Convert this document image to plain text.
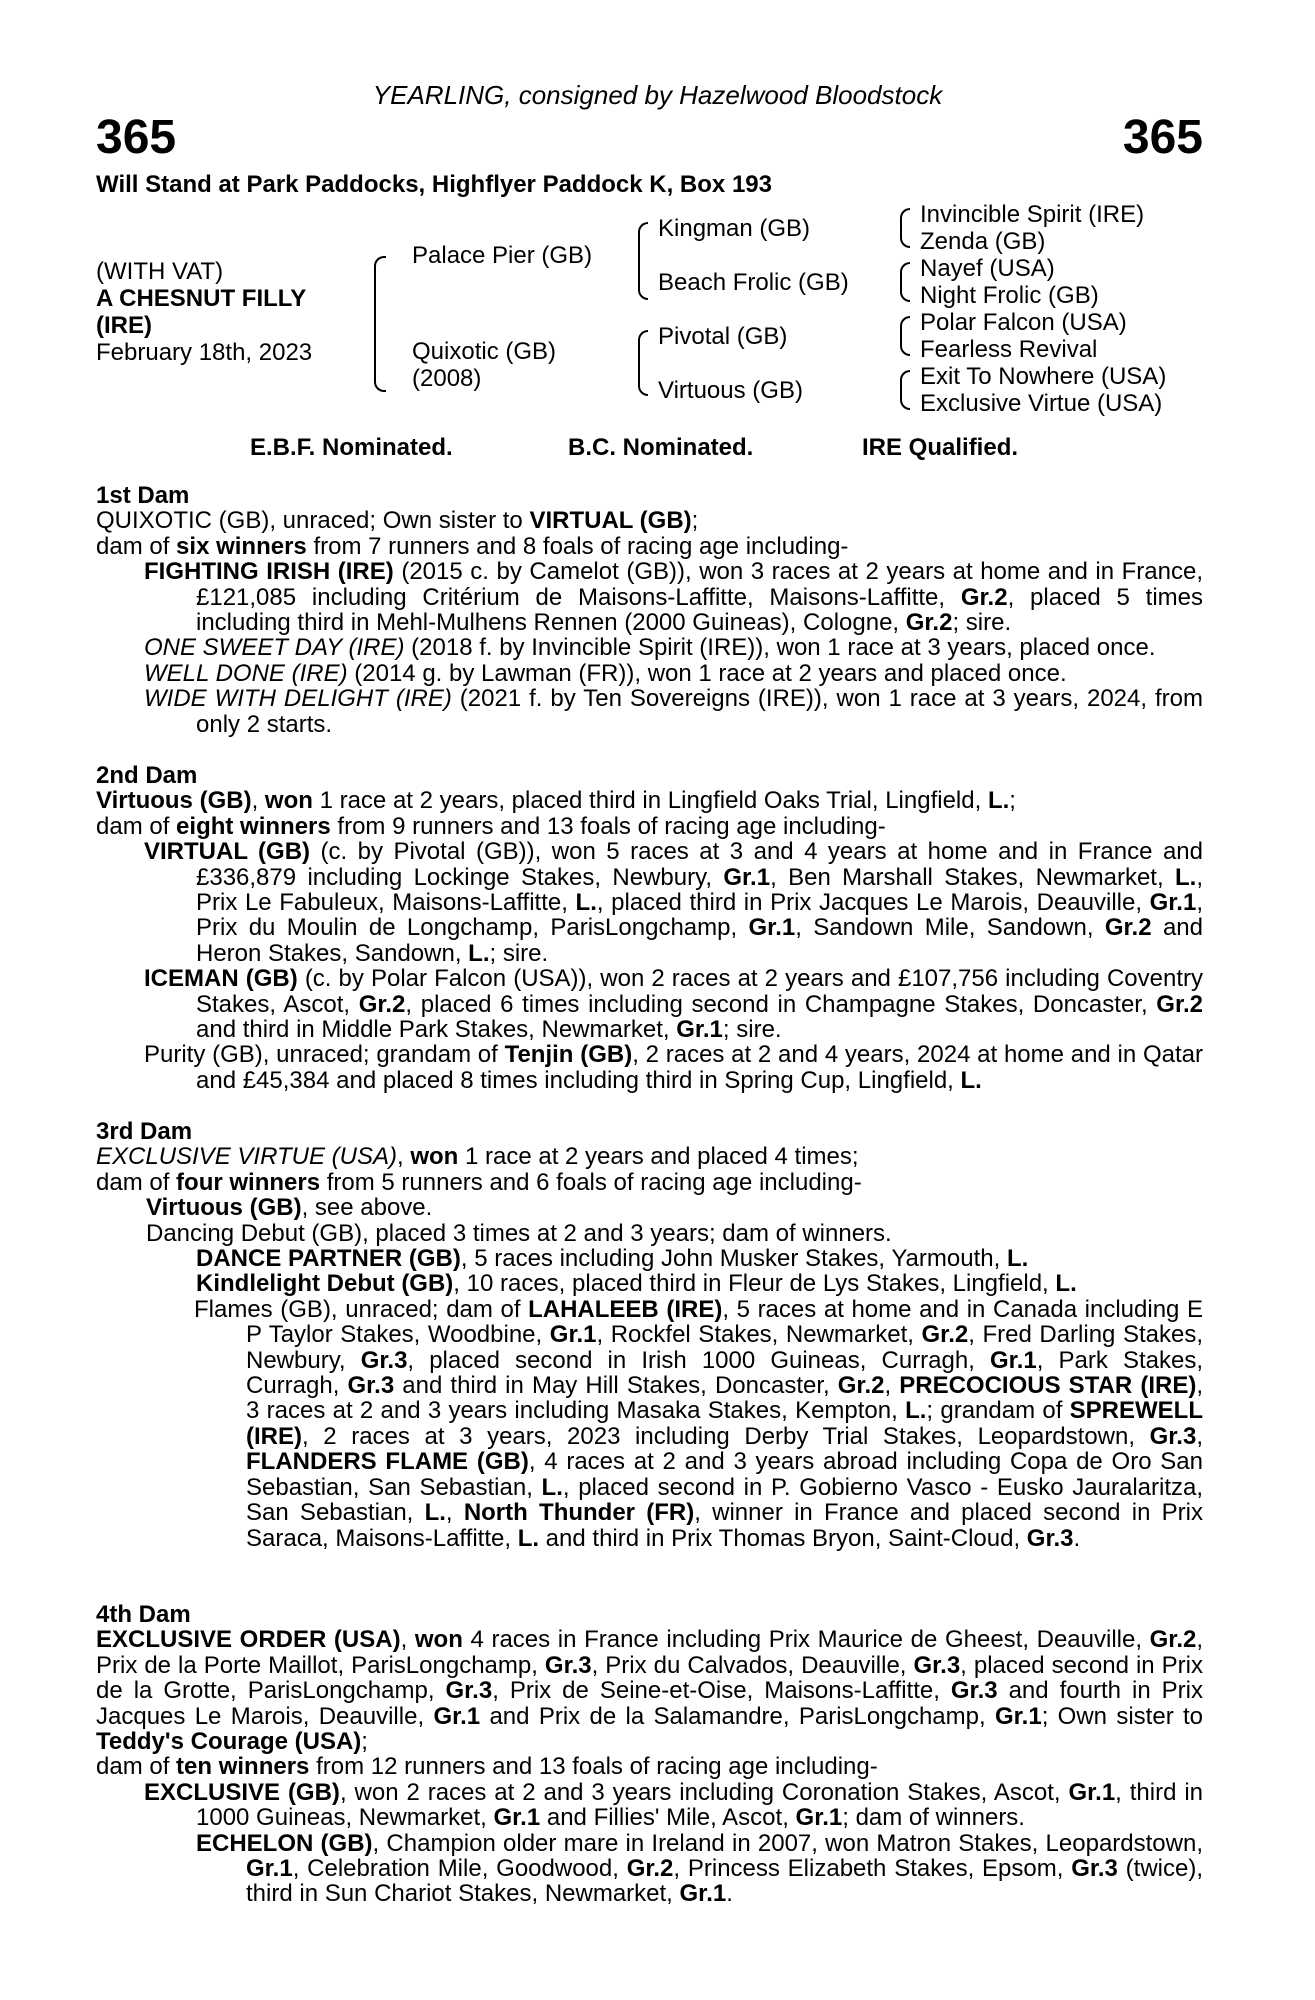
YEARLING, consigned by Hazelwood Bloodstock
365	365
Will Stand at Park Paddocks, Highflyer Paddock K, Box 193
(WITH VAT)
A CHESNUT FILLY
(IRE)
February 18th, 2023
Palace Pier (GB)
Quixotic (GB)
(2008)
Kingman (GB)
Beach Frolic (GB)
Pivotal (GB)
Virtuous (GB)
Invincible Spirit (IRE)
Zenda (GB)
Nayef (USA)
Night Frolic (GB)
Polar Falcon (USA)
Fearless Revival
Exit To Nowhere (USA)
Exclusive Virtue (USA)
E.B.F. Nominated.	B.C. Nominated.	IRE Qualified.

1st Dam

QUIXOTIC (GB), unraced; Own sister to VIRTUAL (GB);

dam of six winners from 7 runners and 8 foals of racing age including-

FIGHTING IRISH (IRE) (2015 c. by Camelot (GB)), won 3 races at 2 years at home and in France, £121,085 including Critérium de Maisons-Laffitte, Maisons-Laffitte, Gr.2, placed 5 times including third in Mehl-Mulhens Rennen (2000 Guineas), Cologne, Gr.2; sire.

ONE SWEET DAY (IRE) (2018 f. by Invincible Spirit (IRE)), won 1 race at 3 years, placed once.

WELL DONE (IRE) (2014 g. by Lawman (FR)), won 1 race at 2 years and placed once.

WIDE WITH DELIGHT (IRE) (2021 f. by Ten Sovereigns (IRE)), won 1 race at 3 years, 2024, from only 2 starts.

2nd Dam

Virtuous (GB), won 1 race at 2 years, placed third in Lingfield Oaks Trial, Lingfield, L.;

dam of eight winners from 9 runners and 13 foals of racing age including-

VIRTUAL (GB) (c. by Pivotal (GB)), won 5 races at 3 and 4 years at home and in France and £336,879 including Lockinge Stakes, Newbury, Gr.1, Ben Marshall Stakes, Newmarket, L., Prix Le Fabuleux, Maisons-Laffitte, L., placed third in Prix Jacques Le Marois, Deauville, Gr.1, Prix du Moulin de Longchamp, ParisLongchamp, Gr.1, Sandown Mile, Sandown, Gr.2 and Heron Stakes, Sandown, L.; sire.

ICEMAN (GB) (c. by Polar Falcon (USA)), won 2 races at 2 years and £107,756 including Coventry Stakes, Ascot, Gr.2, placed 6 times including second in Champagne Stakes, Doncaster, Gr.2 and third in Middle Park Stakes, Newmarket, Gr.1; sire.

Purity (GB), unraced; grandam of Tenjin (GB), 2 races at 2 and 4 years, 2024 at home and in Qatar and £45,384 and placed 8 times including third in Spring Cup, Lingfield, L.

3rd Dam

EXCLUSIVE VIRTUE (USA), won 1 race at 2 years and placed 4 times;

dam of four winners from 5 runners and 6 foals of racing age including-

Virtuous (GB), see above.

Dancing Debut (GB), placed 3 times at 2 and 3 years; dam of winners.

DANCE PARTNER (GB), 5 races including John Musker Stakes, Yarmouth, L.

Kindlelight Debut (GB), 10 races, placed third in Fleur de Lys Stakes, Lingfield, L.

Flames (GB), unraced; dam of LAHALEEB (IRE), 5 races at home and in Canada including E P Taylor Stakes, Woodbine, Gr.1, Rockfel Stakes, Newmarket, Gr.2, Fred Darling Stakes, Newbury, Gr.3, placed second in Irish 1000 Guineas, Curragh, Gr.1, Park Stakes, Curragh, Gr.3 and third in May Hill Stakes, Doncaster, Gr.2, PRECOCIOUS STAR (IRE), 3 races at 2 and 3 years including Masaka Stakes, Kempton, L.; grandam of SPREWELL (IRE), 2 races at 3 years, 2023 including Derby Trial Stakes, Leopardstown, Gr.3, FLANDERS FLAME (GB), 4 races at 2 and 3 years abroad including Copa de Oro San Sebastian, San Sebastian, L., placed second in P. Gobierno Vasco - Eusko Jauralaritza, San Sebastian, L., North Thunder (FR), winner in France and placed second in Prix Saraca, Maisons-Laffitte, L. and third in Prix Thomas Bryon, Saint-Cloud, Gr.3.

4th Dam

EXCLUSIVE ORDER (USA), won 4 races in France including Prix Maurice de Gheest, Deauville, Gr.2, Prix de la Porte Maillot, ParisLongchamp, Gr.3, Prix du Calvados, Deauville, Gr.3, placed second in Prix de la Grotte, ParisLongchamp, Gr.3, Prix de Seine-et-Oise, Maisons-Laffitte, Gr.3 and fourth in Prix Jacques Le Marois, Deauville, Gr.1 and Prix de la Salamandre, ParisLongchamp, Gr.1; Own sister to Teddy's Courage (USA);

dam of ten winners from 12 runners and 13 foals of racing age including-

EXCLUSIVE (GB), won 2 races at 2 and 3 years including Coronation Stakes, Ascot, Gr.1, third in 1000 Guineas, Newmarket, Gr.1 and Fillies' Mile, Ascot, Gr.1; dam of winners.

ECHELON (GB), Champion older mare in Ireland in 2007, won Matron Stakes, Leopardstown, Gr.1, Celebration Mile, Goodwood, Gr.2, Princess Elizabeth Stakes, Epsom, Gr.3 (twice), third in Sun Chariot Stakes, Newmarket, Gr.1.
